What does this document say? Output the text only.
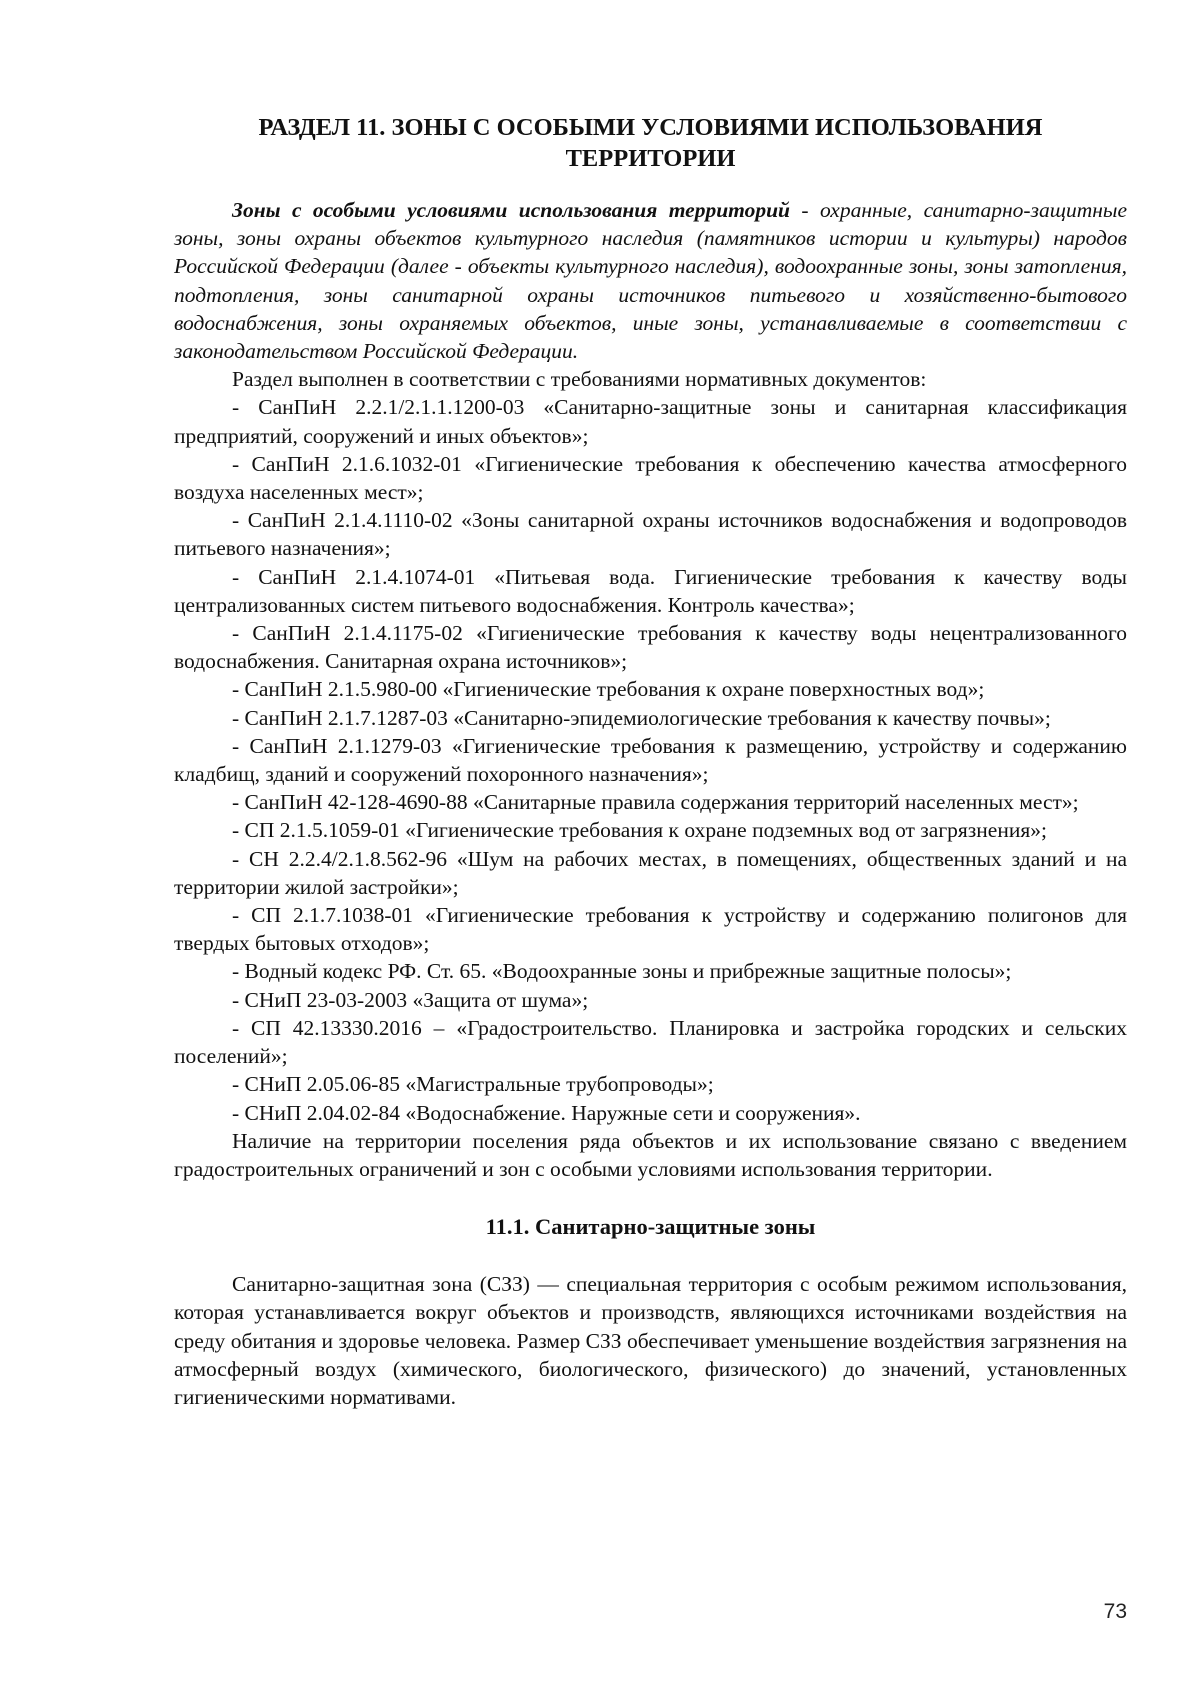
РАЗДЕЛ 11. ЗОНЫ С ОСОБЫМИ УСЛОВИЯМИ ИСПОЛЬЗОВАНИЯ
ТЕРРИТОРИИ

Зоны с особыми условиями использования территорий - охранные, санитарно-защитные зоны, зоны охраны объектов культурного наследия (памятников истории и культуры) народов Российской Федерации (далее - объекты культурного наследия), водоохранные зоны, зоны затопления, подтопления, зоны санитарной охраны источников питьевого и хозяйственно-бытового водоснабжения, зоны охраняемых объектов, иные зоны, устанавливаемые в соответствии с законодательством Российской Федерации.

Раздел выполнен в соответствии с требованиями нормативных документов:

- СанПиН 2.2.1/2.1.1.1200-03 «Санитарно-защитные зоны и санитарная классификация предприятий, сооружений и иных объектов»;

- СанПиН 2.1.6.1032-01 «Гигиенические требования к обеспечению качества атмосферного воздуха населенных мест»;

- СанПиН 2.1.4.1110-02 «Зоны санитарной охраны источников водоснабжения и водопроводов питьевого назначения»;

- СанПиН 2.1.4.1074-01 «Питьевая вода. Гигиенические требования к качеству воды централизованных систем питьевого водоснабжения. Контроль качества»;

- СанПиН 2.1.4.1175-02 «Гигиенические требования к качеству воды нецентрализованного водоснабжения. Санитарная охрана источников»;

- СанПиН 2.1.5.980-00 «Гигиенические требования к охране поверхностных вод»;

- СанПиН 2.1.7.1287-03 «Санитарно-эпидемиологические требования к качеству почвы»;

- СанПиН 2.1.1279-03 «Гигиенические требования к размещению, устройству и содержанию кладбищ, зданий и сооружений похоронного назначения»;

- СанПиН 42-128-4690-88 «Санитарные правила содержания территорий населенных мест»;

- СП 2.1.5.1059-01 «Гигиенические требования к охране подземных вод от загрязнения»;

- СН 2.2.4/2.1.8.562-96 «Шум на рабочих местах, в помещениях, общественных зданий и на территории жилой застройки»;

- СП 2.1.7.1038-01 «Гигиенические требования к устройству и содержанию полигонов для твердых бытовых отходов»;

- Водный кодекс РФ. Ст. 65. «Водоохранные зоны и прибрежные защитные полосы»;

- СНиП 23-03-2003 «Защита от шума»;

- СП 42.13330.2016 – «Градостроительство. Планировка и застройка городских и сельских поселений»;

- СНиП 2.05.06-85 «Магистральные трубопроводы»;

- СНиП 2.04.02-84 «Водоснабжение. Наружные сети и сооружения».

Наличие на территории поселения ряда объектов и их использование связано с введением градостроительных ограничений и зон с особыми условиями использования территории.

11.1. Санитарно-защитные зоны

Санитарно-защитная зона (СЗЗ) — специальная территория с особым режимом использования, которая устанавливается вокруг объектов и производств, являющихся источниками воздействия на среду обитания и здоровье человека. Размер СЗЗ обеспечивает уменьшение воздействия загрязнения на атмосферный воздух (химического, биологического, физического) до значений, установленных гигиеническими нормативами.

73
